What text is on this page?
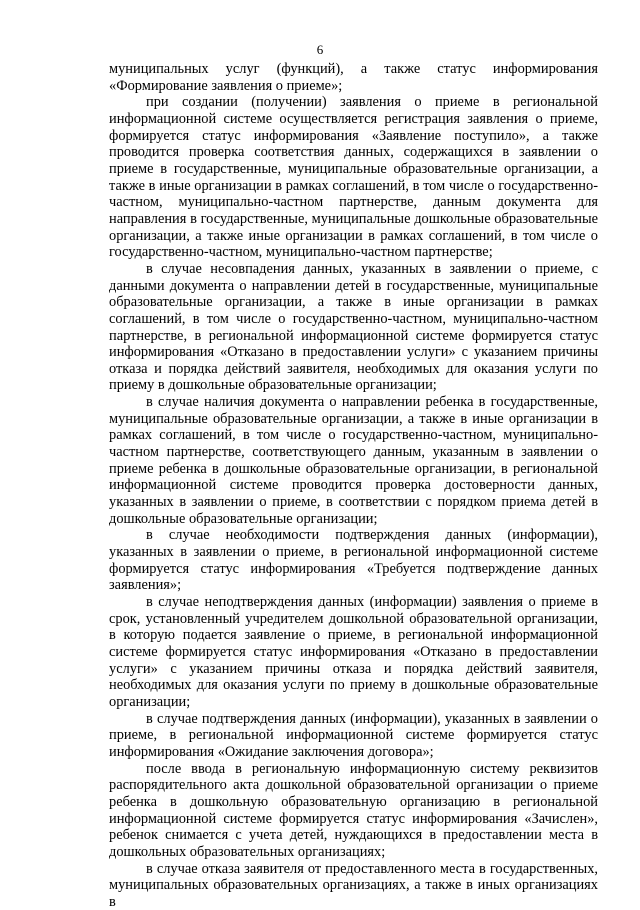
6

муниципальных услуг (функций), а также статус информирования «Формирование заявления о приеме»;

при создании (получении) заявления о приеме в региональной информационной системе осуществляется регистрация заявления о приеме, формируется статус информирования «Заявление поступило», а также проводится проверка соответствия данных, содержащихся в заявлении о приеме в государственные, муниципальные образовательные организации, а также в иные организации в рамках соглашений, в том числе о государственно-частном, муниципально-частном партнерстве, данным документа для направления в государственные, муниципальные дошкольные образовательные организации, а также иные организации в рамках соглашений, в том числе о государственно-частном, муниципально-частном партнерстве;

в случае несовпадения данных, указанных в заявлении о приеме, с данными документа о направлении детей в государственные, муниципальные образовательные организации, а также в иные организации в рамках соглашений, в том числе о государственно-частном, муниципально-частном партнерстве, в региональной информационной системе формируется статус информирования «Отказано в предоставлении услуги» с указанием причины отказа и порядка действий заявителя, необходимых для оказания услуги по приему в дошкольные образовательные организации;

в случае наличия документа о направлении ребенка в государственные, муниципальные образовательные организации, а также в иные организации в рамках соглашений, в том числе о государственно-частном, муниципально-частном партнерстве, соответствующего данным, указанным в заявлении о приеме ребенка в дошкольные образовательные организации, в региональной информационной системе проводится проверка достоверности данных, указанных в заявлении о приеме, в соответствии с порядком приема детей в дошкольные образовательные организации;

в случае необходимости подтверждения данных (информации), указанных в заявлении о приеме, в региональной информационной системе формируется статус информирования «Требуется подтверждение данных заявления»;

в случае неподтверждения данных (информации) заявления о приеме в срок, установленный учредителем дошкольной образовательной организации, в которую подается заявление о приеме, в региональной информационной системе формируется статус информирования «Отказано в предоставлении услуги» с указанием причины отказа и порядка действий заявителя, необходимых для оказания услуги по приему в дошкольные образовательные организации;

в случае подтверждения данных (информации), указанных в заявлении о приеме, в региональной информационной системе формируется статус информирования «Ожидание заключения договора»;

после ввода в региональную информационную систему реквизитов распорядительного акта дошкольной образовательной организации о приеме ребенка в дошкольную образовательную организацию в региональной информационной системе формируется статус информирования «Зачислен», ребенок снимается с учета детей, нуждающихся в предоставлении места в дошкольных образовательных организациях;

в случае отказа заявителя от предоставленного места в государственных, муниципальных образовательных организациях, а также в иных организациях в
